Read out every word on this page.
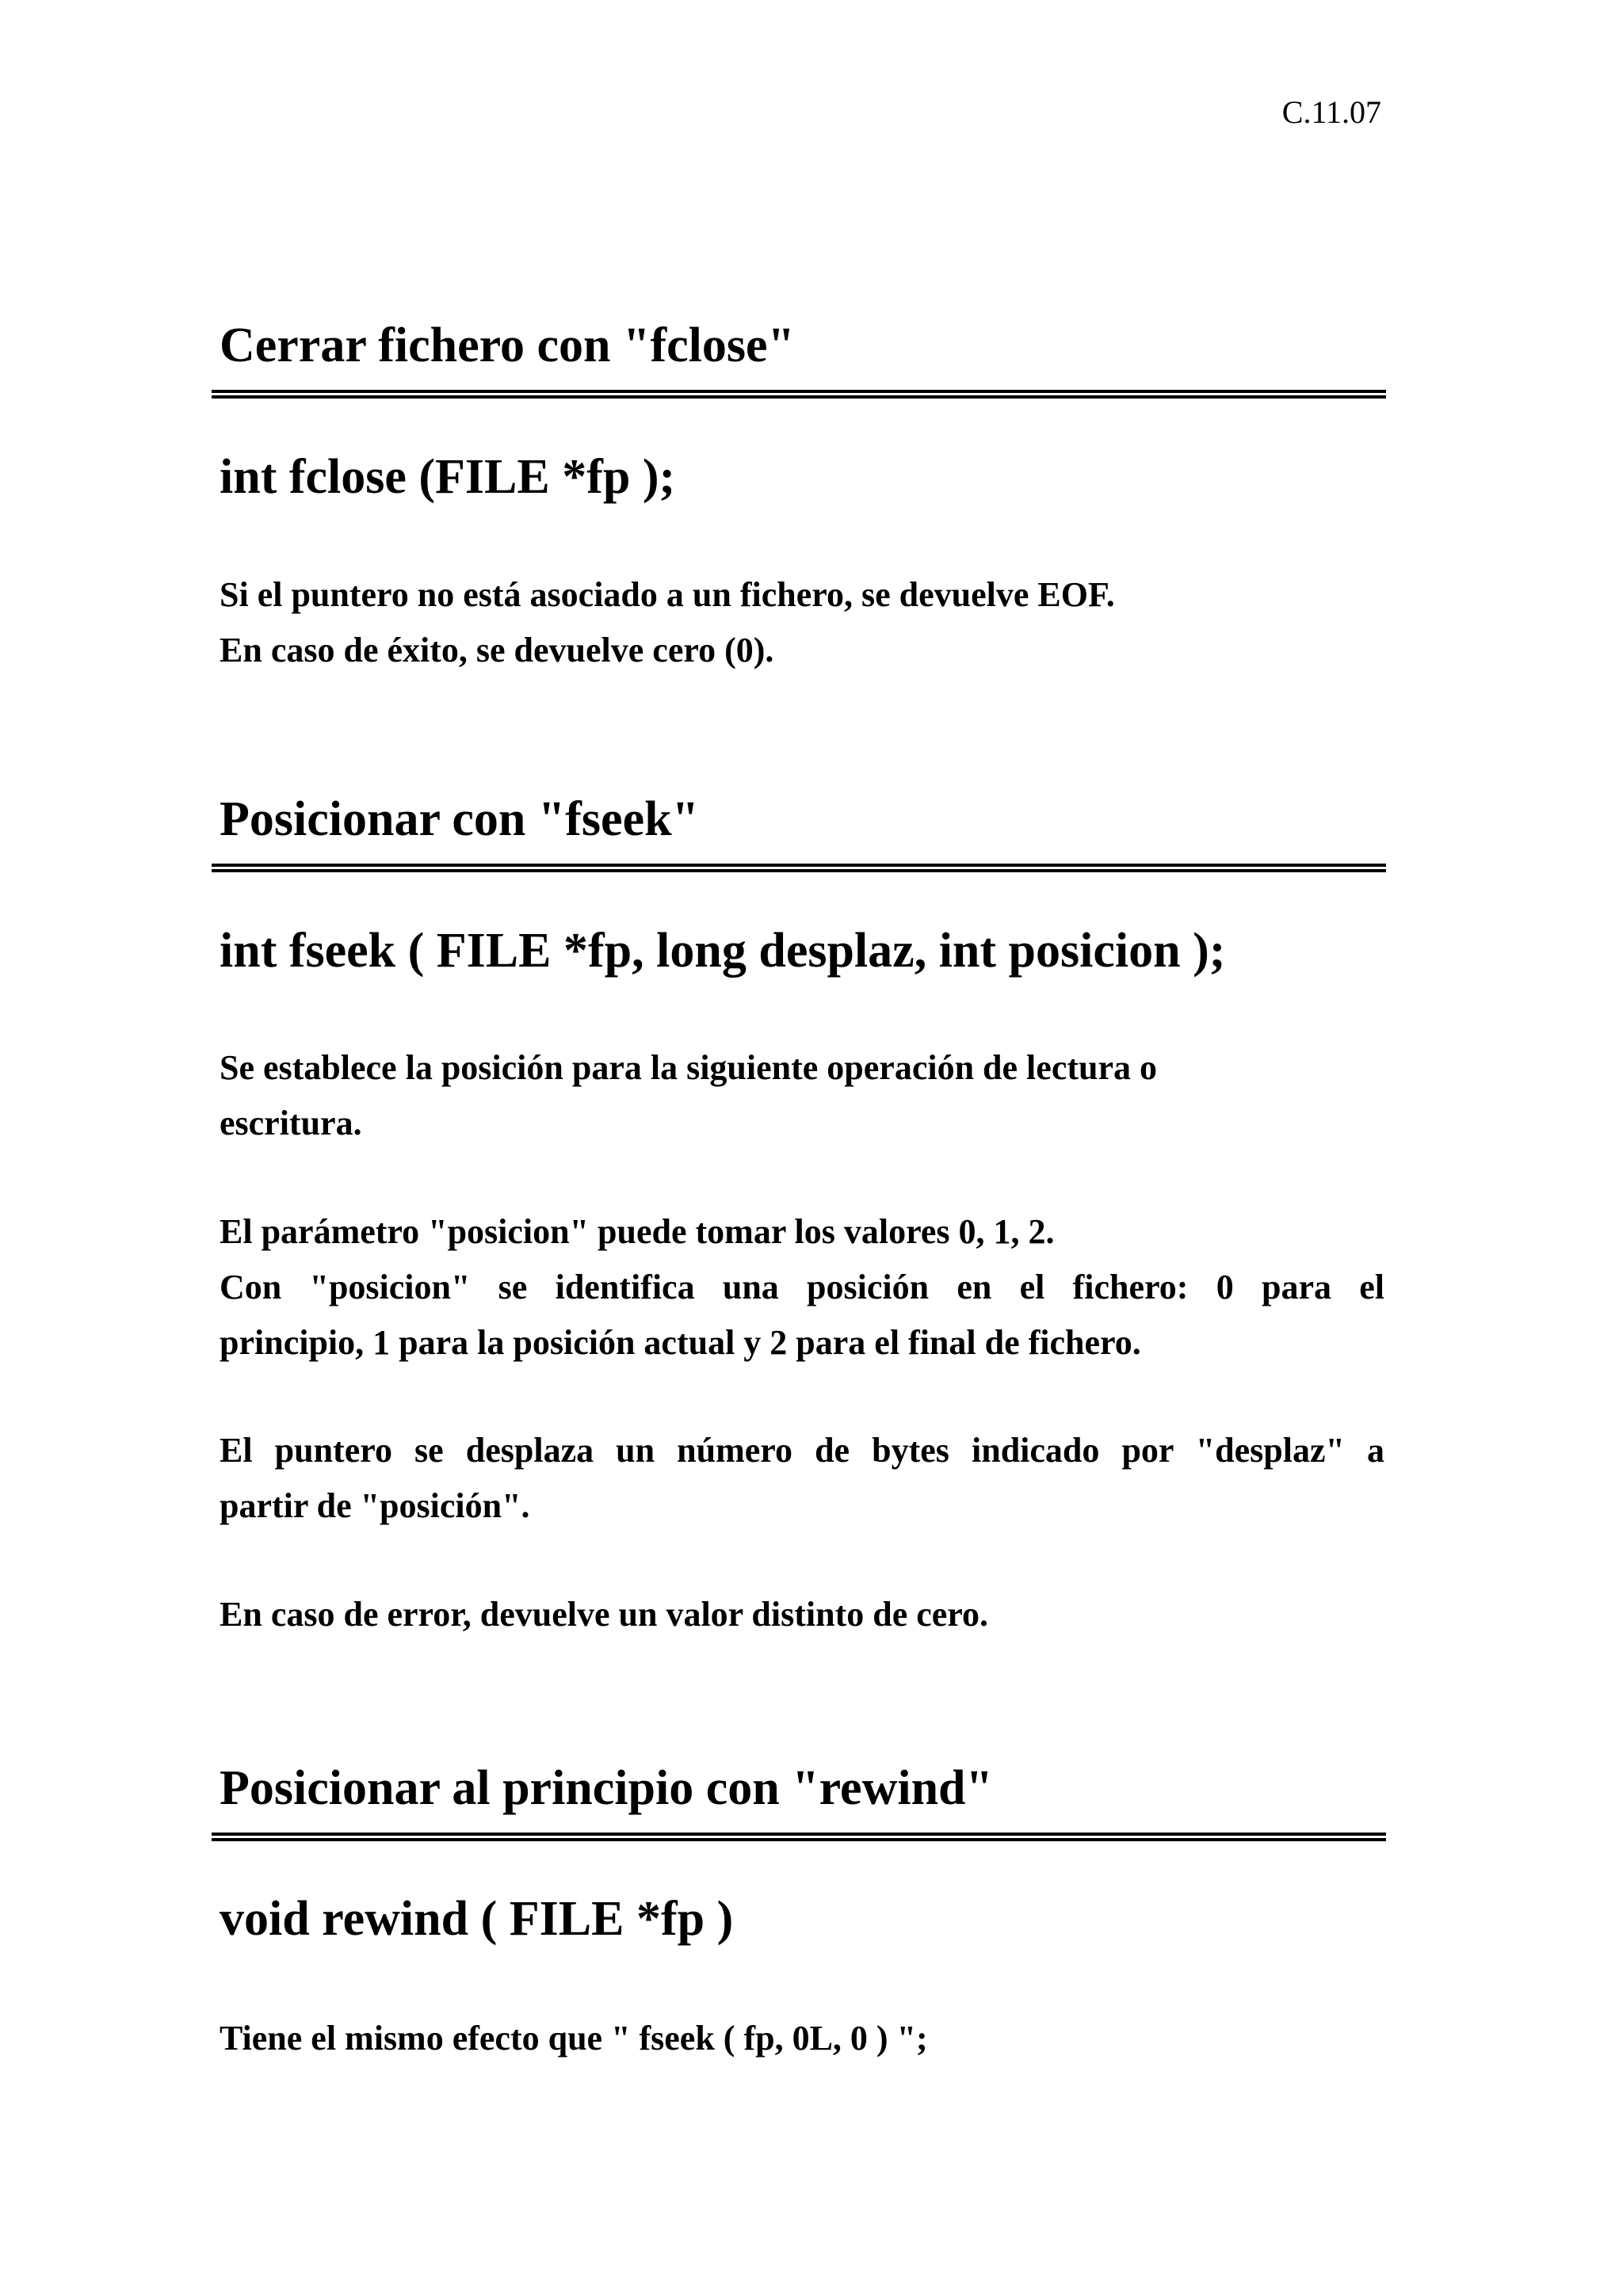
C.11.07
Cerrar fichero con "fclose"
int fclose (FILE *fp );
Si el puntero no está asociado a un fichero, se devuelve EOF.
En caso de éxito, se devuelve cero (0).
Posicionar con "fseek"
int fseek ( FILE *fp, long desplaz, int posicion );
Se establece la posición para la siguiente operación de lectura o
escritura.
El parámetro "posicion" puede tomar los valores 0, 1, 2.
Con "posicion" se identifica una posición en el fichero: 0 para el
principio, 1 para la posición actual y 2 para el final de fichero.
El puntero se desplaza un número de bytes indicado por "desplaz" a
partir de "posición".
En caso de error, devuelve un valor distinto de cero.
Posicionar al principio con "rewind"
void rewind ( FILE *fp )
Tiene el mismo efecto que " fseek ( fp, 0L, 0 ) ";
